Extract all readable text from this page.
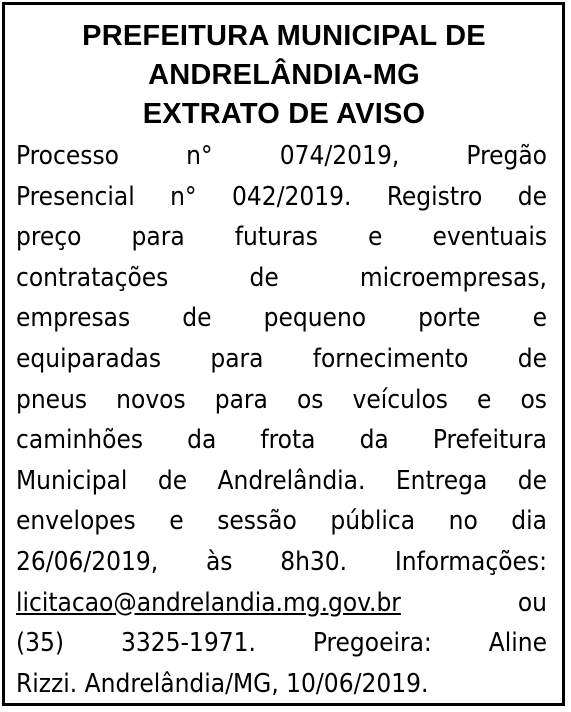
PREFEITURA MUNICIPAL DE
ANDRELÂNDIA-MG
EXTRATO DE AVISO
Processo n° 074/2019, Pregão
Presencial n° 042/2019. Registro de
preço para futuras e eventuais
contratações de microempresas,
empresas de pequeno porte e
equiparadas para fornecimento de
pneus novos para os veículos e os
caminhões da frota da Prefeitura
Municipal de Andrelândia. Entrega de
envelopes e sessão pública no dia
26/06/2019, às 8h30. Informações:
licitacao@andrelandia.mg.gov.br	ou
(35) 3325-1971. Pregoeira: Aline
Rizzi. Andrelândia/MG, 10/06/2019.
